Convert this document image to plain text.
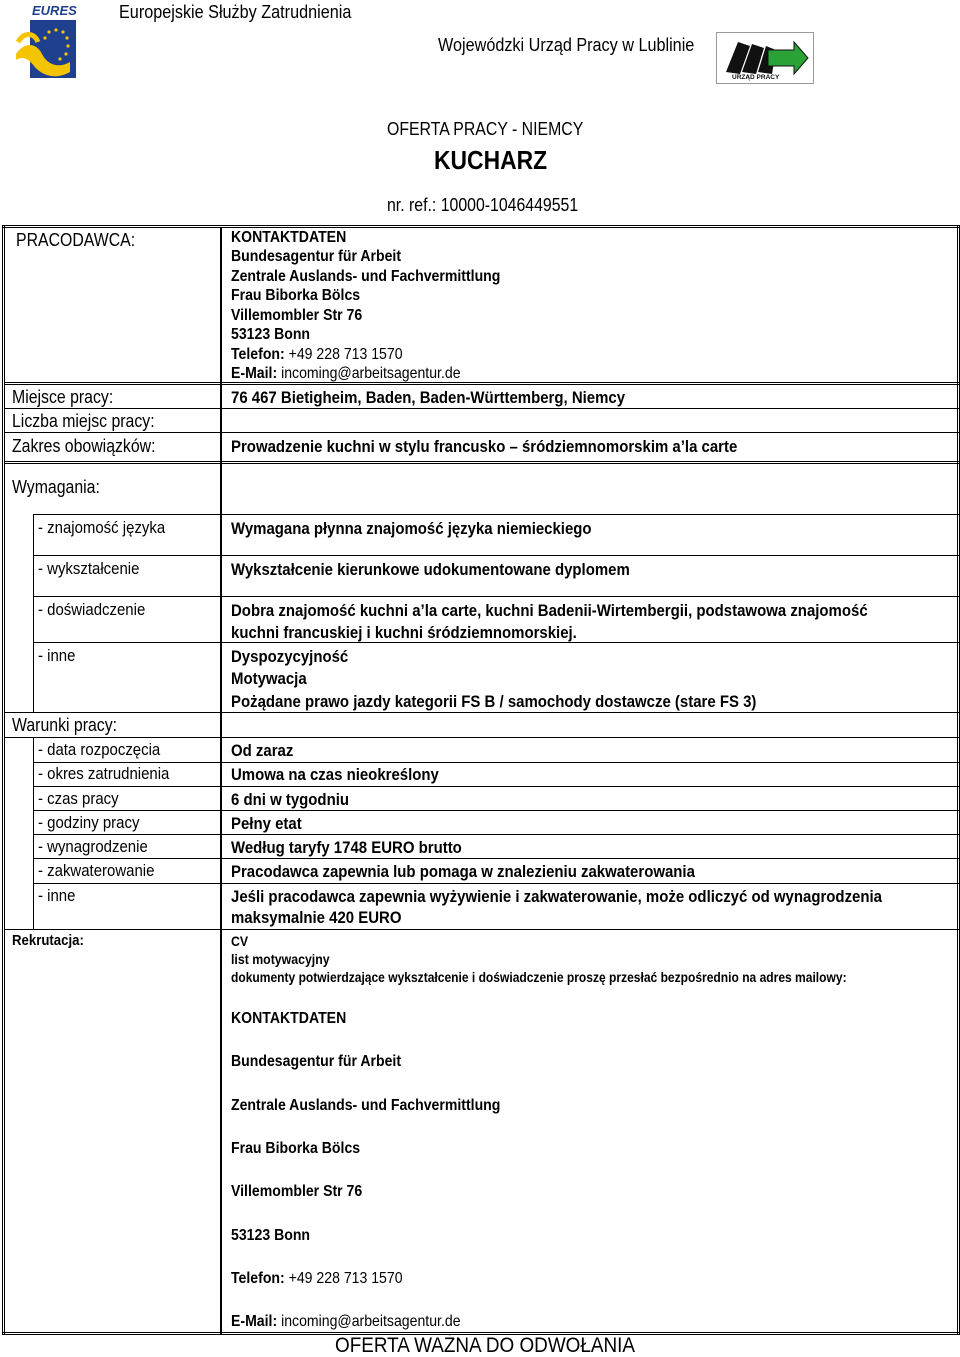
EURES Europejskie Służby Zatrudnienia
Wojewódzki Urząd Pracy w Lublinie
URZĄD PRACY
OFERTA PRACY - NIEMCY
KUCHARZ
nr. ref.: 10000-1046449551
PRACODAWCA:
Miejsce pracy:
Liczba miejsc pracy:
Zakres obowiązków:
Wymagania:
- znajomość języka
- wykształcenie
- doświadczenie
- inne
Warunki pracy:
- data rozpoczęcia
- okres zatrudnienia
- czas pracy
- godziny pracy
- wynagrodzenie
- zakwaterowanie
- inne
Rekrutacja:
KONTAKTDATEN
Bundesagentur für Arbeit
Zentrale Auslands- und Fachvermittlung
Frau Biborka Bölcs
Villemombler Str 76
53123 Bonn
Telefon: +49 228 713 1570
E-Mail: incoming@arbeitsagentur.de
76 467 Bietigheim, Baden, Baden-Württemberg, Niemcy
Prowadzenie kuchni w stylu francusko – śródziemnomorskim a’la carte
Wymagana płynna znajomość języka niemieckiego
Wykształcenie kierunkowe udokumentowane dyplomem
Dobra znajomość kuchni a’la carte, kuchni Badenii-Wirtembergii, podstawowa znajomość
kuchni francuskiej i kuchni śródziemnomorskiej.
Dyspozycyjność
Motywacja
Pożądane prawo jazdy kategorii FS B / samochody dostawcze (stare FS 3)
Od zaraz
Umowa na czas nieokreślony
6 dni w tygodniu
Pełny etat
Według taryfy 1748 EURO brutto
Pracodawca zapewnia lub pomaga w znalezieniu zakwaterowania
Jeśli pracodawca zapewnia wyżywienie i zakwaterowanie, może odliczyć od wynagrodzenia
maksymalnie 420 EURO
CV
list motywacyjny
dokumenty potwierdzające wykształcenie i doświadczenie proszę przesłać bezpośrednio na adres mailowy:
KONTAKTDATEN
Bundesagentur für Arbeit
Zentrale Auslands- und Fachvermittlung
Frau Biborka Bölcs
Villemombler Str 76
53123 Bonn
Telefon: +49 228 713 1570
E-Mail: incoming@arbeitsagentur.de
OFERTA WAŻNA DO ODWOŁANIA
